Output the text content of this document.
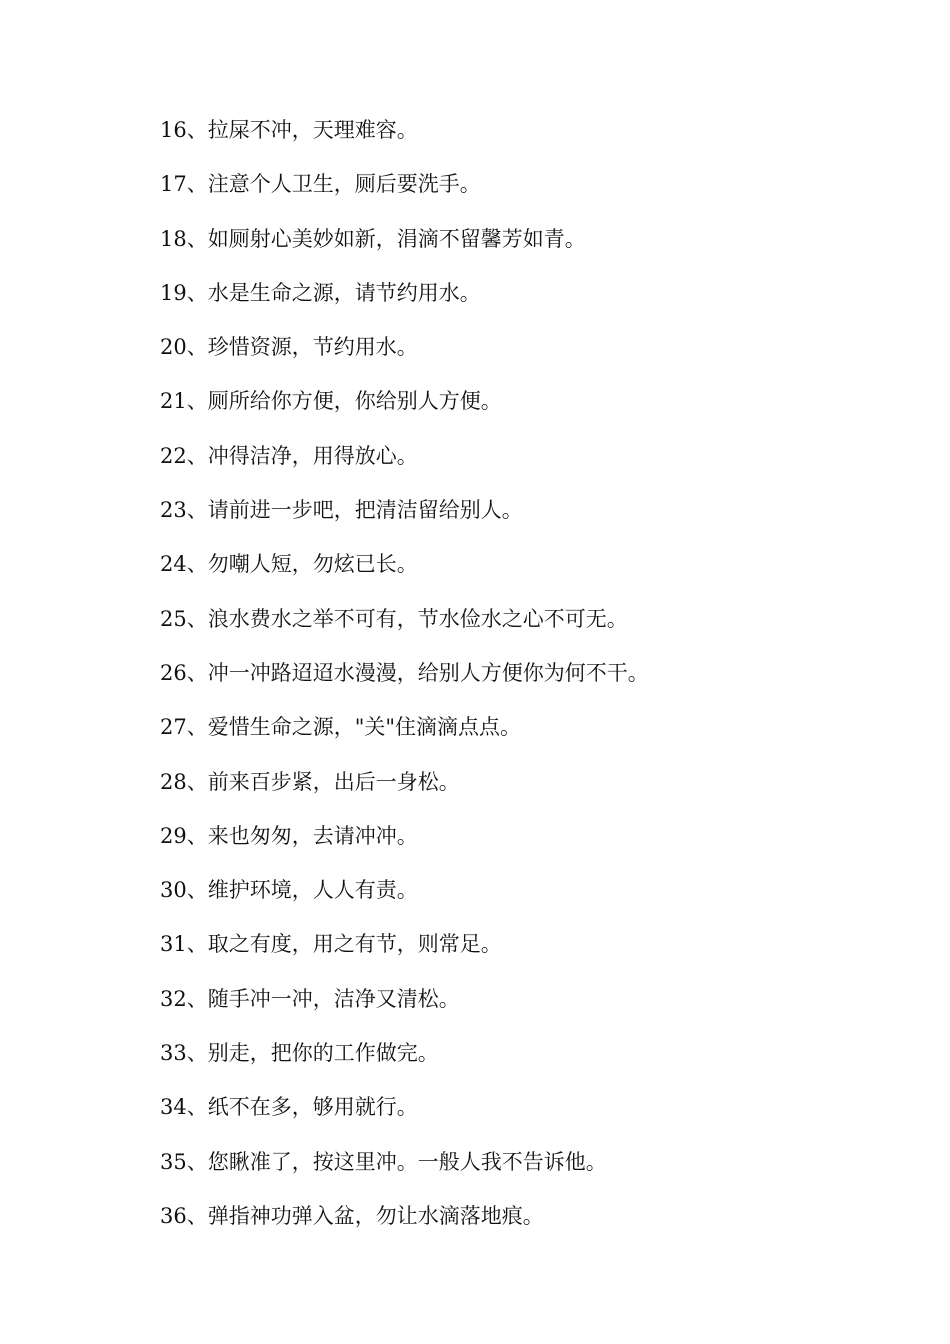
16、拉屎不冲，天理难容。
17、注意个人卫生，厕后要洗手。
18、如厕射心美妙如新，涓滴不留馨芳如青。
19、水是生命之源，请节约用水。
20、珍惜资源，节约用水。
21、厕所给你方便，你给别人方便。
22、冲得洁净，用得放心。
23、请前进一步吧，把清洁留给别人。
24、勿嘲人短，勿炫已长。
25、浪水费水之举不可有，节水俭水之心不可无。
26、冲一冲路迢迢水漫漫，给别人方便你为何不干。
27、爱惜生命之源，"关"住滴滴点点。
28、前来百步紧，出后一身松。
29、来也匆匆，去请冲冲。
30、维护环境，人人有责。
31、取之有度，用之有节，则常足。
32、随手冲一冲，洁净又清松。
33、别走，把你的工作做完。
34、纸不在多，够用就行。
35、您瞅准了，按这里冲。一般人我不告诉他。
36、弹指神功弹入盆，勿让水滴落地痕。
